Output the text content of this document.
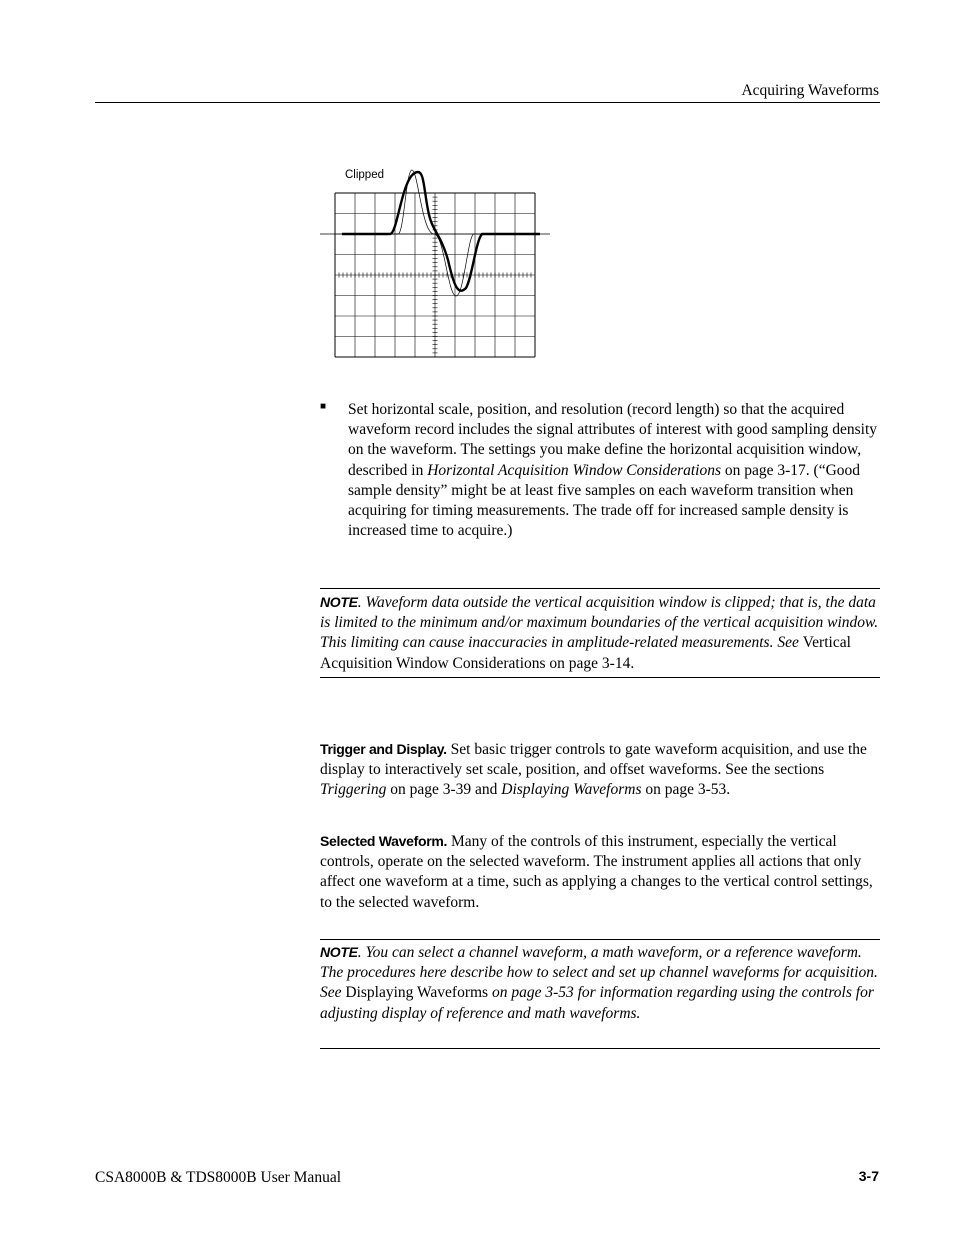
Acquiring Waveforms
Clipped
■ Set horizontal scale, position, and resolution (record length) so that the acquired waveform record includes the signal attributes of interest with good sampling density on the waveform. The settings you make define the horizontal acquisition window, described in Horizontal Acquisition Window Considerations on page 3-17. (“Good sample density” might be at least five samples on each waveform transition when acquiring for timing measurements. The trade off for increased sample density is increased time to acquire.)
NOTE. Waveform data outside the vertical acquisition window is clipped; that is, the data is limited to the minimum and/or maximum boundaries of the vertical acquisition window. This limiting can cause inaccuracies in amplitude-related measurements. See Vertical Acquisition Window Considerations on page 3-14.
Trigger and Display. Set basic trigger controls to gate waveform acquisition, and use the display to interactively set scale, position, and offset waveforms. See the sections Triggering on page 3-39 and Displaying Waveforms on page 3-53.
Selected Waveform. Many of the controls of this instrument, especially the vertical controls, operate on the selected waveform. The instrument applies all actions that only affect one waveform at a time, such as applying a changes to the vertical control settings, to the selected waveform.
NOTE. You can select a channel waveform, a math waveform, or a reference waveform. The procedures here describe how to select and set up channel waveforms for acquisition. See Displaying Waveforms on page 3-53 for information regarding using the controls for adjusting display of reference and math waveforms.
CSA8000B & TDS8000B User Manual	3-7
